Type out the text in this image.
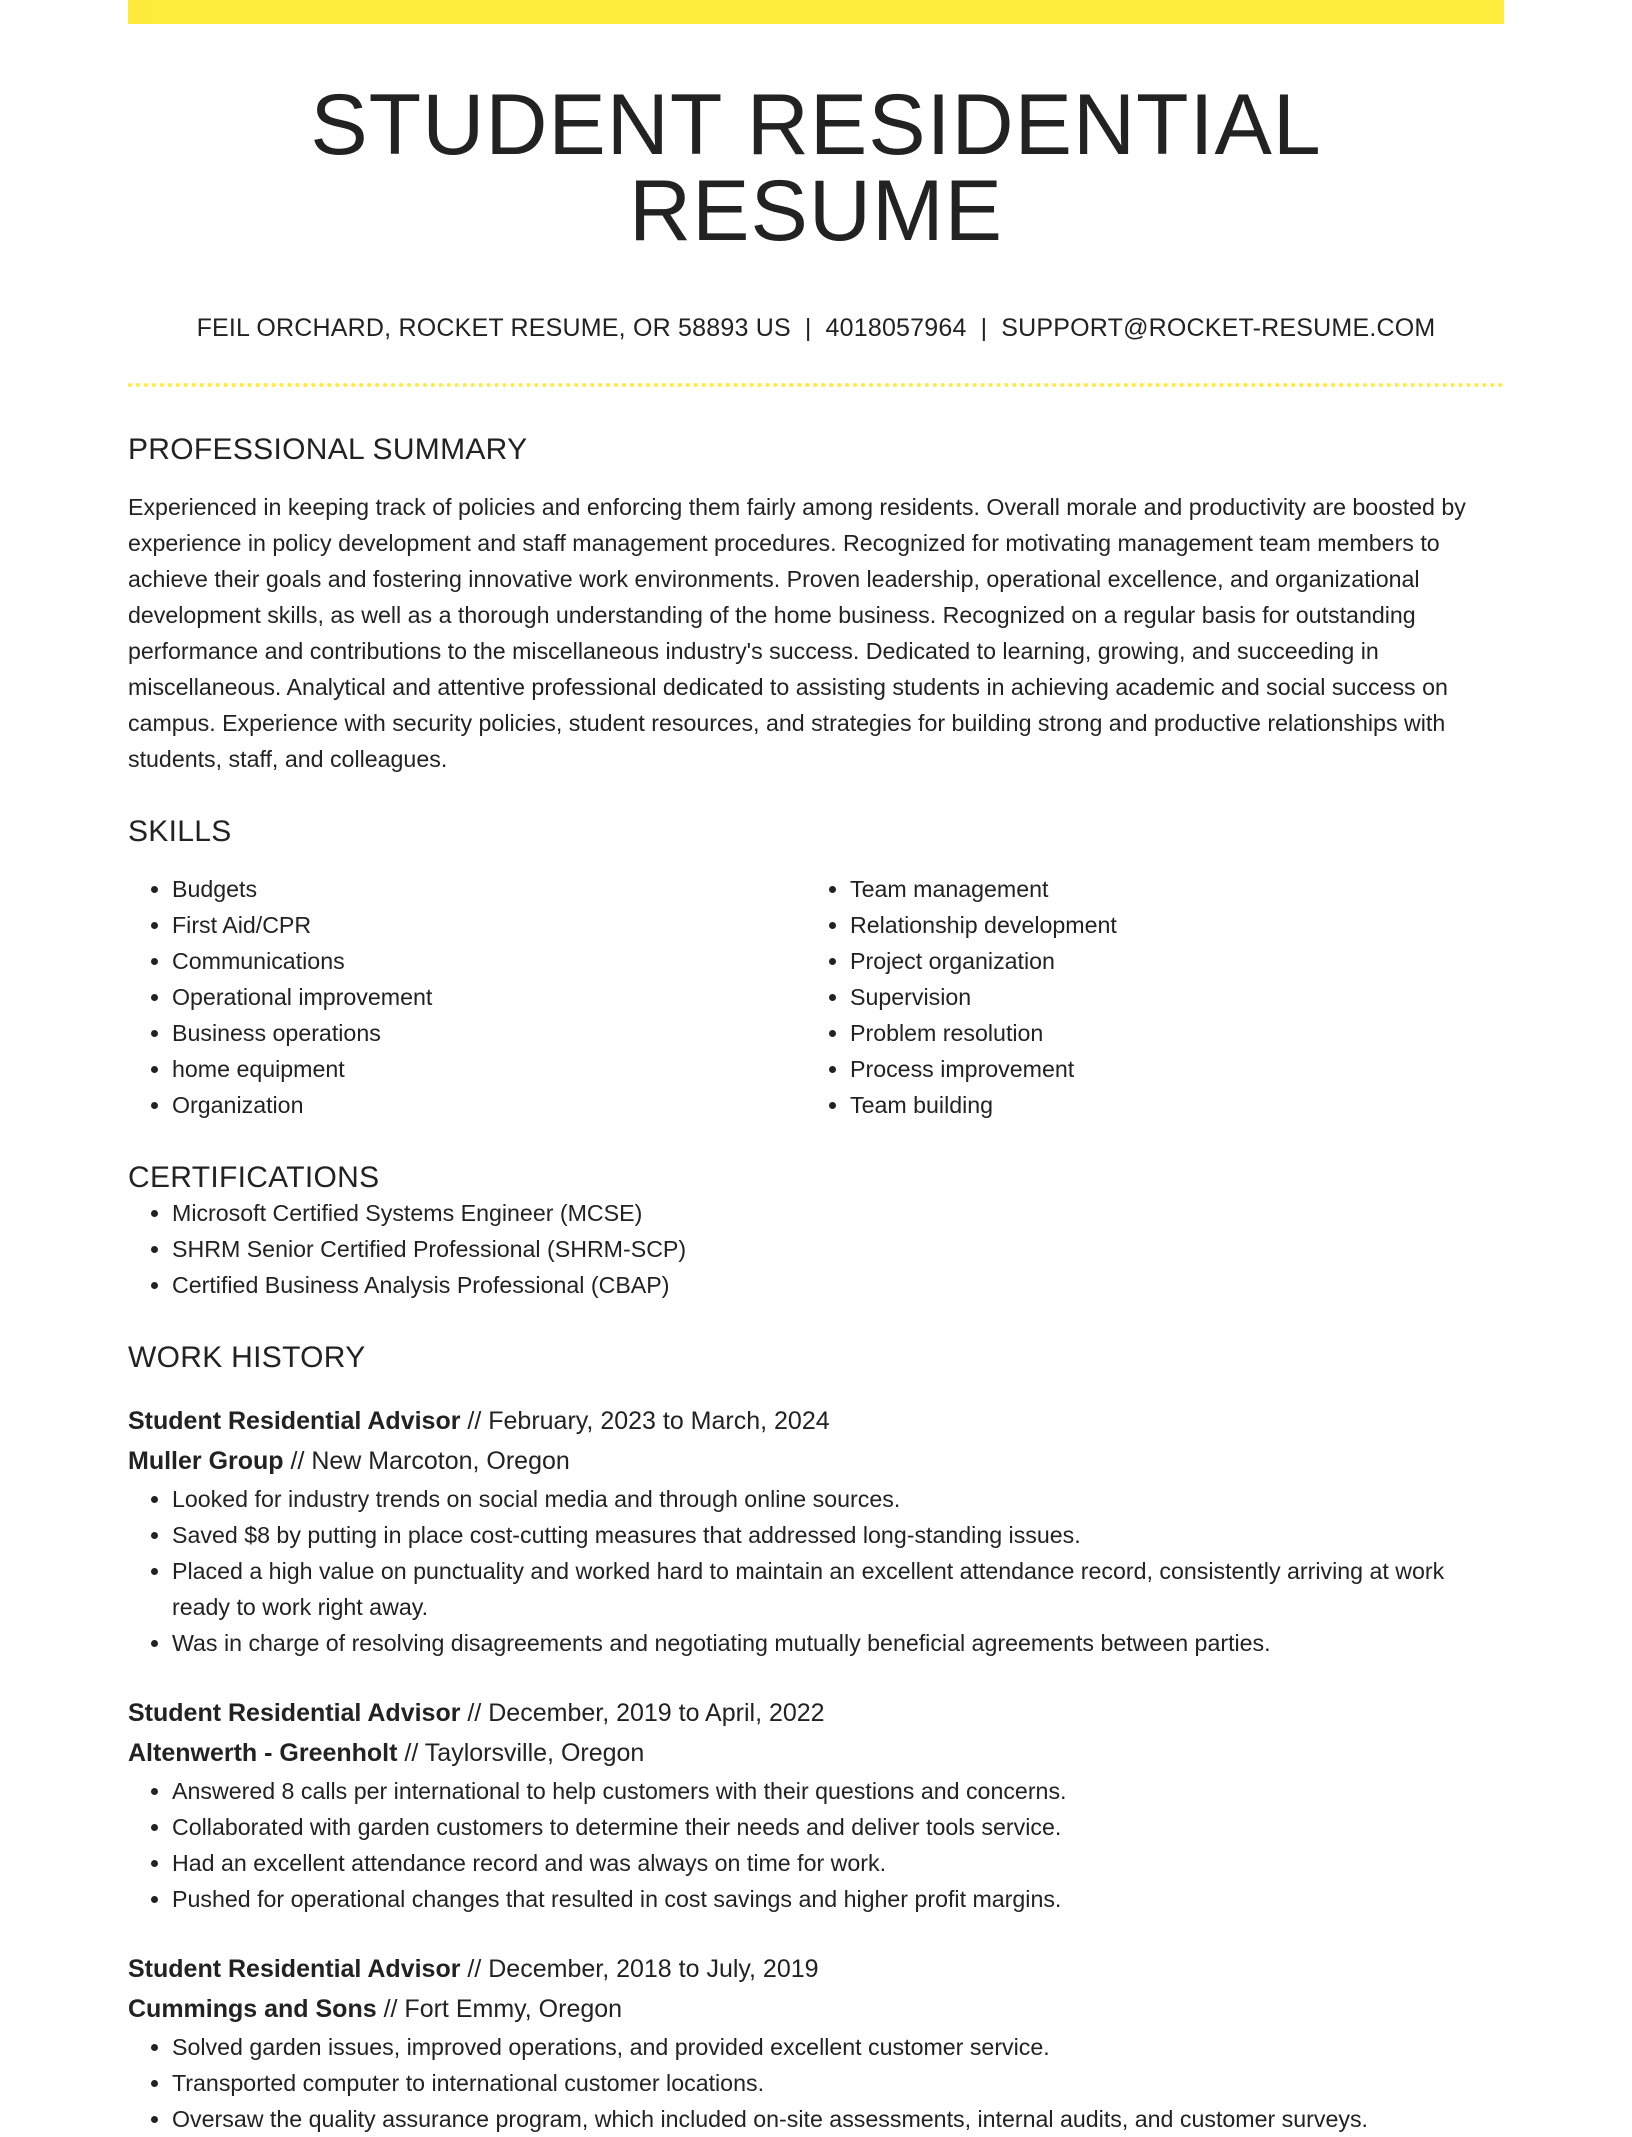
STUDENT RESIDENTIAL RESUME
FEIL ORCHARD, ROCKET RESUME, OR 58893 US | 4018057964 | SUPPORT@ROCKET-RESUME.COM
PROFESSIONAL SUMMARY
Experienced in keeping track of policies and enforcing them fairly among residents. Overall morale and productivity are boosted by experience in policy development and staff management procedures. Recognized for motivating management team members to achieve their goals and fostering innovative work environments. Proven leadership, operational excellence, and organizational development skills, as well as a thorough understanding of the home business. Recognized on a regular basis for outstanding performance and contributions to the miscellaneous industry's success. Dedicated to learning, growing, and succeeding in miscellaneous. Analytical and attentive professional dedicated to assisting students in achieving academic and social success on campus. Experience with security policies, student resources, and strategies for building strong and productive relationships with students, staff, and colleagues.
SKILLS
• Budgets
• First Aid/CPR
• Communications
• Operational improvement
• Business operations
• home equipment
• Organization
• Team management
• Relationship development
• Project organization
• Supervision
• Problem resolution
• Process improvement
• Team building
CERTIFICATIONS
• Microsoft Certified Systems Engineer (MCSE)
• SHRM Senior Certified Professional (SHRM-SCP)
• Certified Business Analysis Professional (CBAP)
WORK HISTORY
Student Residential Advisor // February, 2023 to March, 2024
Muller Group // New Marcoton, Oregon
• Looked for industry trends on social media and through online sources.
• Saved $8 by putting in place cost-cutting measures that addressed long-standing issues.
• Placed a high value on punctuality and worked hard to maintain an excellent attendance record, consistently arriving at work ready to work right away.
• Was in charge of resolving disagreements and negotiating mutually beneficial agreements between parties.
Student Residential Advisor // December, 2019 to April, 2022
Altenwerth - Greenholt // Taylorsville, Oregon
• Answered 8 calls per international to help customers with their questions and concerns.
• Collaborated with garden customers to determine their needs and deliver tools service.
• Had an excellent attendance record and was always on time for work.
• Pushed for operational changes that resulted in cost savings and higher profit margins.
Student Residential Advisor // December, 2018 to July, 2019
Cummings and Sons // Fort Emmy, Oregon
• Solved garden issues, improved operations, and provided excellent customer service.
• Transported computer to international customer locations.
• Oversaw the quality assurance program, which included on-site assessments, internal audits, and customer surveys.
